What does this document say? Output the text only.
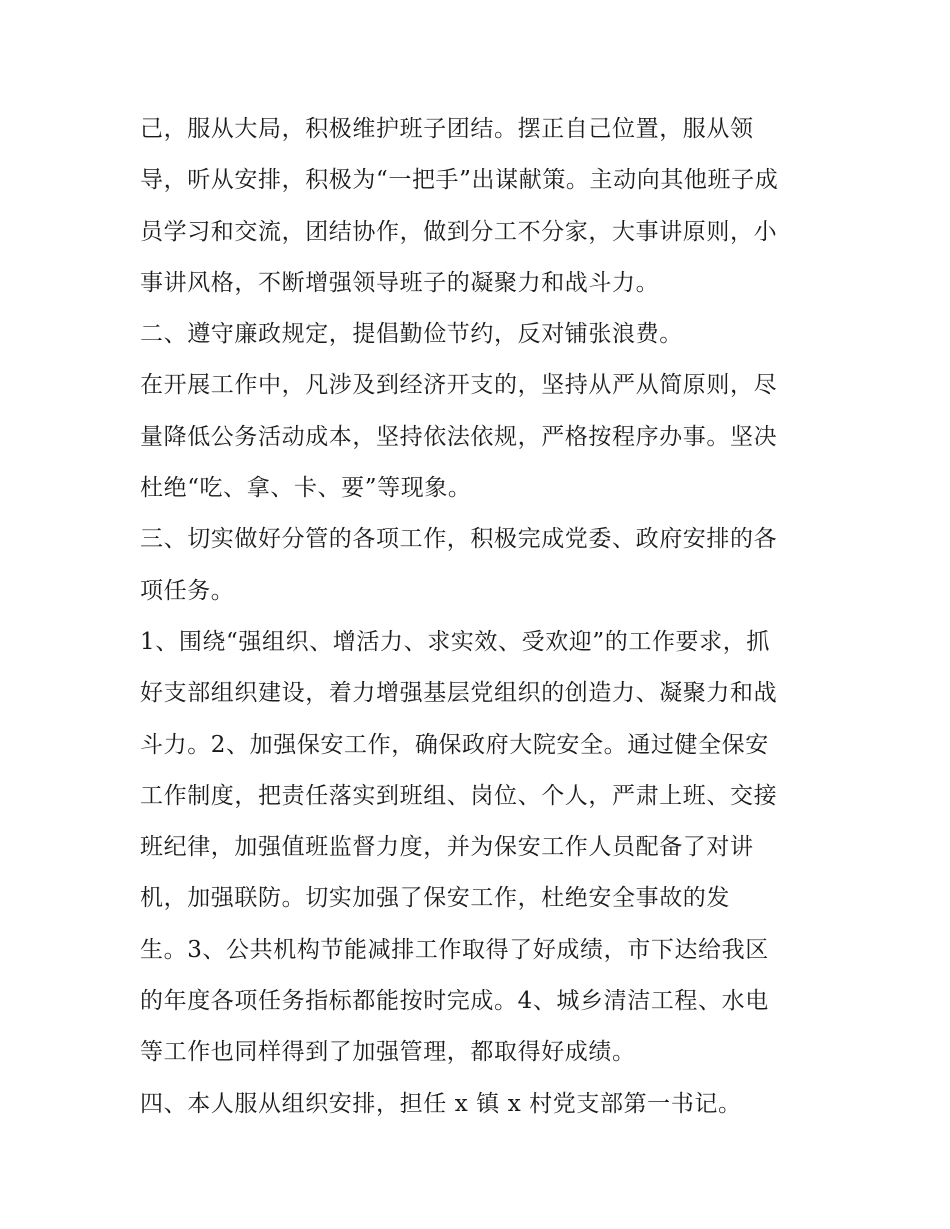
己，服从大局，积极维护班子团结。摆正自己位置，服从领
导，听从安排，积极为“一把手”出谋献策。主动向其他班子成
员学习和交流，团结协作，做到分工不分家，大事讲原则，小
事讲风格，不断增强领导班子的凝聚力和战斗力。
二、遵守廉政规定，提倡勤俭节约，反对铺张浪费。
在开展工作中，凡涉及到经济开支的，坚持从严从简原则，尽
量降低公务活动成本，坚持依法依规，严格按程序办事。坚决
杜绝“吃、拿、卡、要”等现象。
三、切实做好分管的各项工作，积极完成党委、政府安排的各
项任务。
1、围绕“强组织、增活力、求实效、受欢迎”的工作要求，抓
好支部组织建设，着力增强基层党组织的创造力、凝聚力和战
斗力。2、加强保安工作，确保政府大院安全。通过健全保安
工作制度，把责任落实到班组、岗位、个人，严肃上班、交接
班纪律，加强值班监督力度，并为保安工作人员配备了对讲
机，加强联防。切实加强了保安工作，杜绝安全事故的发
生。3、公共机构节能减排工作取得了好成绩，市下达给我区
的年度各项任务指标都能按时完成。4、城乡清洁工程、水电
等工作也同样得到了加强管理，都取得好成绩。
四、本人服从组织安排，担任 x 镇 x 村党支部第一书记。
